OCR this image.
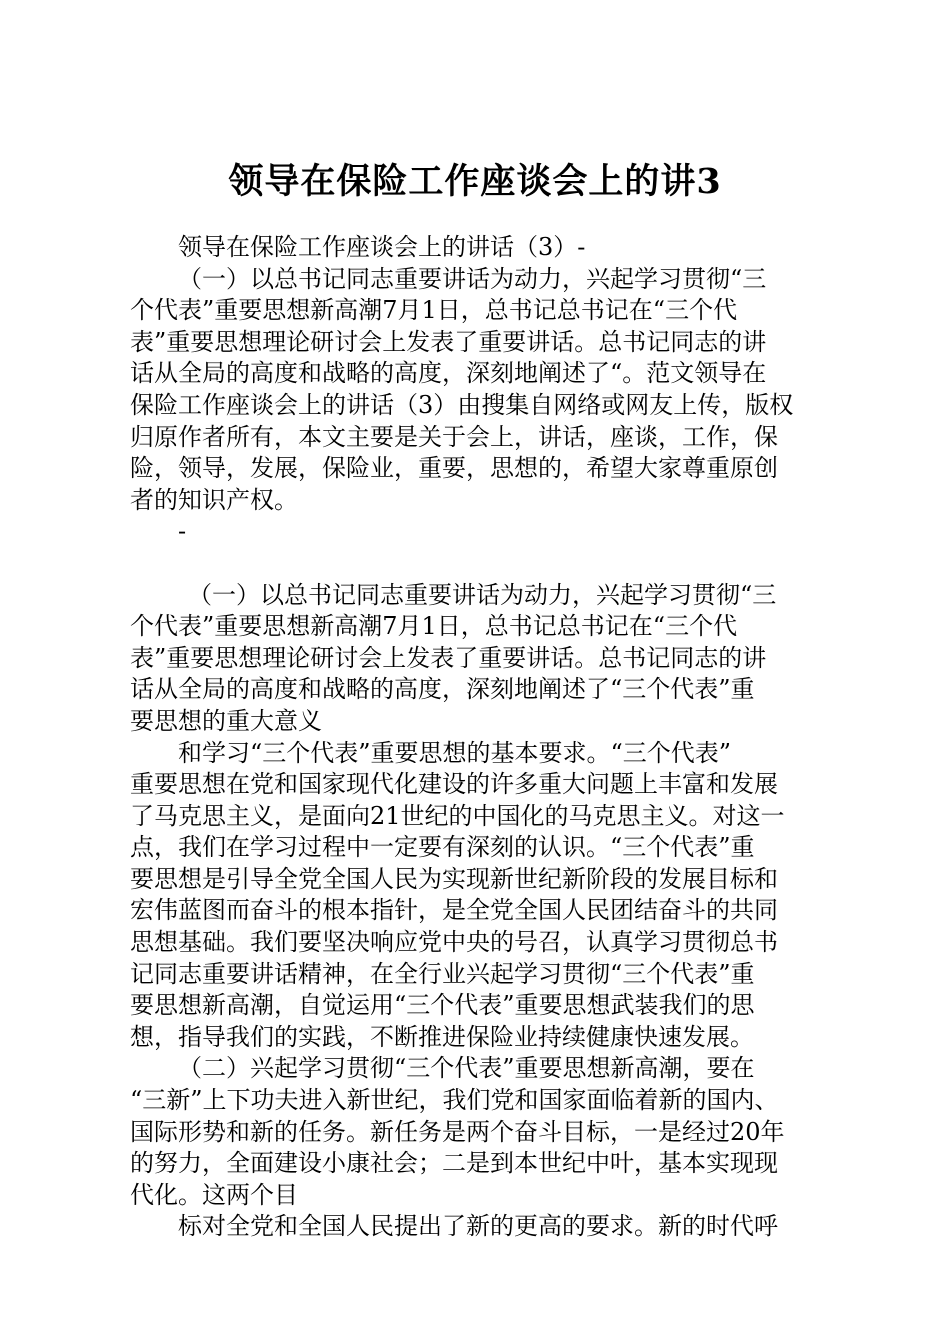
领导在保险工作座谈会上的讲3
领导在保险工作座谈会上的讲话（3）-
（一）以总书记同志重要讲话为动力，兴起学习贯彻“三
个代表”重要思想新高潮7月1日，总书记总书记在“三个代
表”重要思想理论研讨会上发表了重要讲话。总书记同志的讲
话从全局的高度和战略的高度，深刻地阐述了“。范文领导在
保险工作座谈会上的讲话（3）由搜集自网络或网友上传，版权
归原作者所有，本文主要是关于会上，讲话，座谈，工作，保
险，领导，发展，保险业，重要，思想的，希望大家尊重原创
者的知识产权。
-
（一）以总书记同志重要讲话为动力，兴起学习贯彻“三
个代表”重要思想新高潮7月1日，总书记总书记在“三个代
表”重要思想理论研讨会上发表了重要讲话。总书记同志的讲
话从全局的高度和战略的高度，深刻地阐述了“三个代表”重
要思想的重大意义
和学习“三个代表”重要思想的基本要求。“三个代表”
重要思想在党和国家现代化建设的许多重大问题上丰富和发展
了马克思主义，是面向21世纪的中国化的马克思主义。对这一
点，我们在学习过程中一定要有深刻的认识。“三个代表”重
要思想是引导全党全国人民为实现新世纪新阶段的发展目标和
宏伟蓝图而奋斗的根本指针，是全党全国人民团结奋斗的共同
思想基础。我们要坚决响应党中央的号召，认真学习贯彻总书
记同志重要讲话精神，在全行业兴起学习贯彻“三个代表”重
要思想新高潮，自觉运用“三个代表”重要思想武装我们的思
想，指导我们的实践，不断推进保险业持续健康快速发展。
（二）兴起学习贯彻“三个代表”重要思想新高潮，要在
“三新”上下功夫进入新世纪，我们党和国家面临着新的国内、
国际形势和新的任务。新任务是两个奋斗目标，一是经过20年
的努力，全面建设小康社会；二是到本世纪中叶，基本实现现
代化。这两个目
标对全党和全国人民提出了新的更高的要求。新的时代呼
